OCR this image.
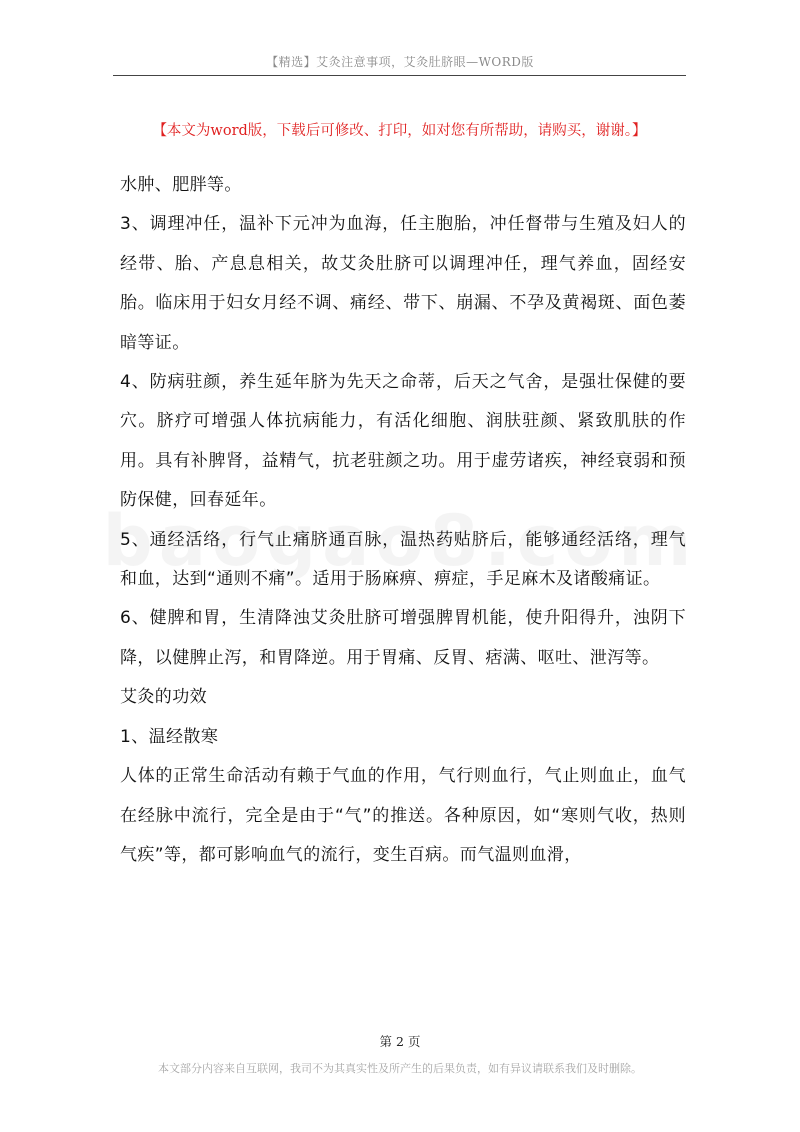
【精选】艾灸注意事项，艾灸肚脐眼—WORD版
【本文为word版，下载后可修改、打印，如对您有所帮助，请购买，谢谢。】

水肿、肥胖等。

3、调理冲任，温补下元冲为血海，任主胞胎，冲任督带与生殖及妇人的经带、胎、产息息相关，故艾灸肚脐可以调理冲任，理气养血，固经安胎。临床用于妇女月经不调、痛经、带下、崩漏、不孕及黄褐斑、面色萎暗等证。

4、防病驻颜，养生延年脐为先天之命蒂，后天之气舍，是强壮保健的要穴。脐疗可增强人体抗病能力，有活化细胞、润肤驻颜、紧致肌肤的作用。具有补脾肾，益精气，抗老驻颜之功。用于虚劳诸疾，神经衰弱和预防保健，回春延年。

5、通经活络，行气止痛脐通百脉，温热药贴脐后，能够通经活络，理气和血，达到“通则不痛”。适用于肠麻痹、痹症，手足麻木及诸酸痛证。

6、健脾和胃，生清降浊艾灸肚脐可增强脾胃机能，使升阳得升，浊阴下降，以健脾止泻，和胃降逆。用于胃痛、反胃、痞满、呕吐、泄泻等。

艾灸的功效

1、温经散寒

人体的正常生命活动有赖于气血的作用，气行则血行，气止则血止，血气在经脉中流行，完全是由于“气”的推送。各种原因，如“寒则气收，热则气疾”等，都可影响血气的流行，变生百病。而气温则血滑，

第 2 页
本文部分内容来自互联网，我司不为其真实性及所产生的后果负责，如有异议请联系我们及时删除。
